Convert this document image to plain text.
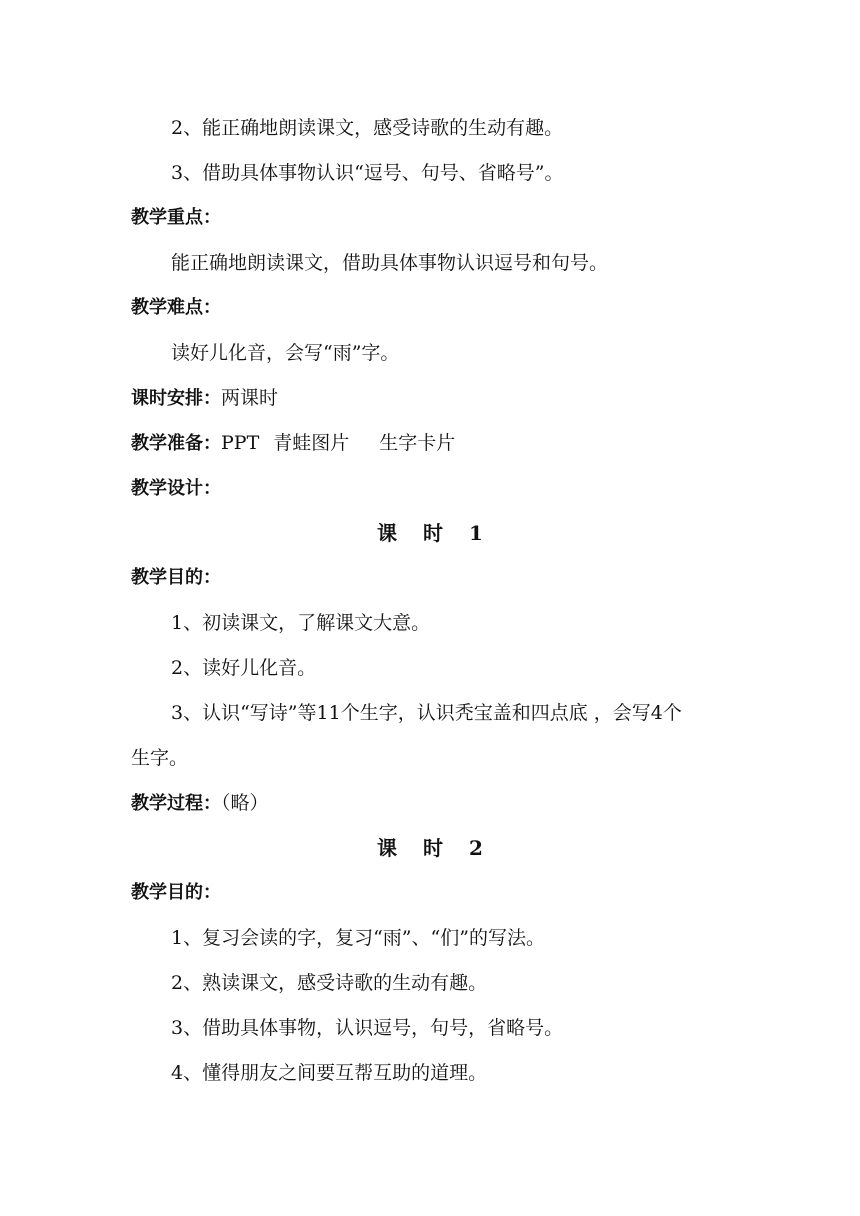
2、能正确地朗读课文，感受诗歌的生动有趣。
3、借助具体事物认识“逗号、句号、省略号”。
教学重点：
能正确地朗读课文，借助具体事物认识逗号和句号。
教学难点：
读好儿化音，会写“雨”字。
课时安排：两课时
教学准备：PPT 青蛙图片 生字卡片
教学设计：
课 时 1
教学目的：
1、初读课文，了解课文大意。
2、读好儿化音。
3、认识“写诗”等11个生字，认识秃宝盖和四点底 ，会写4个
生字。
教学过程：（略）
课 时 2
教学目的：
1、复习会读的字，复习“雨”、“们”的写法。
2、熟读课文，感受诗歌的生动有趣。
3、借助具体事物，认识逗号，句号，省略号。
4、懂得朋友之间要互帮互助的道理。
